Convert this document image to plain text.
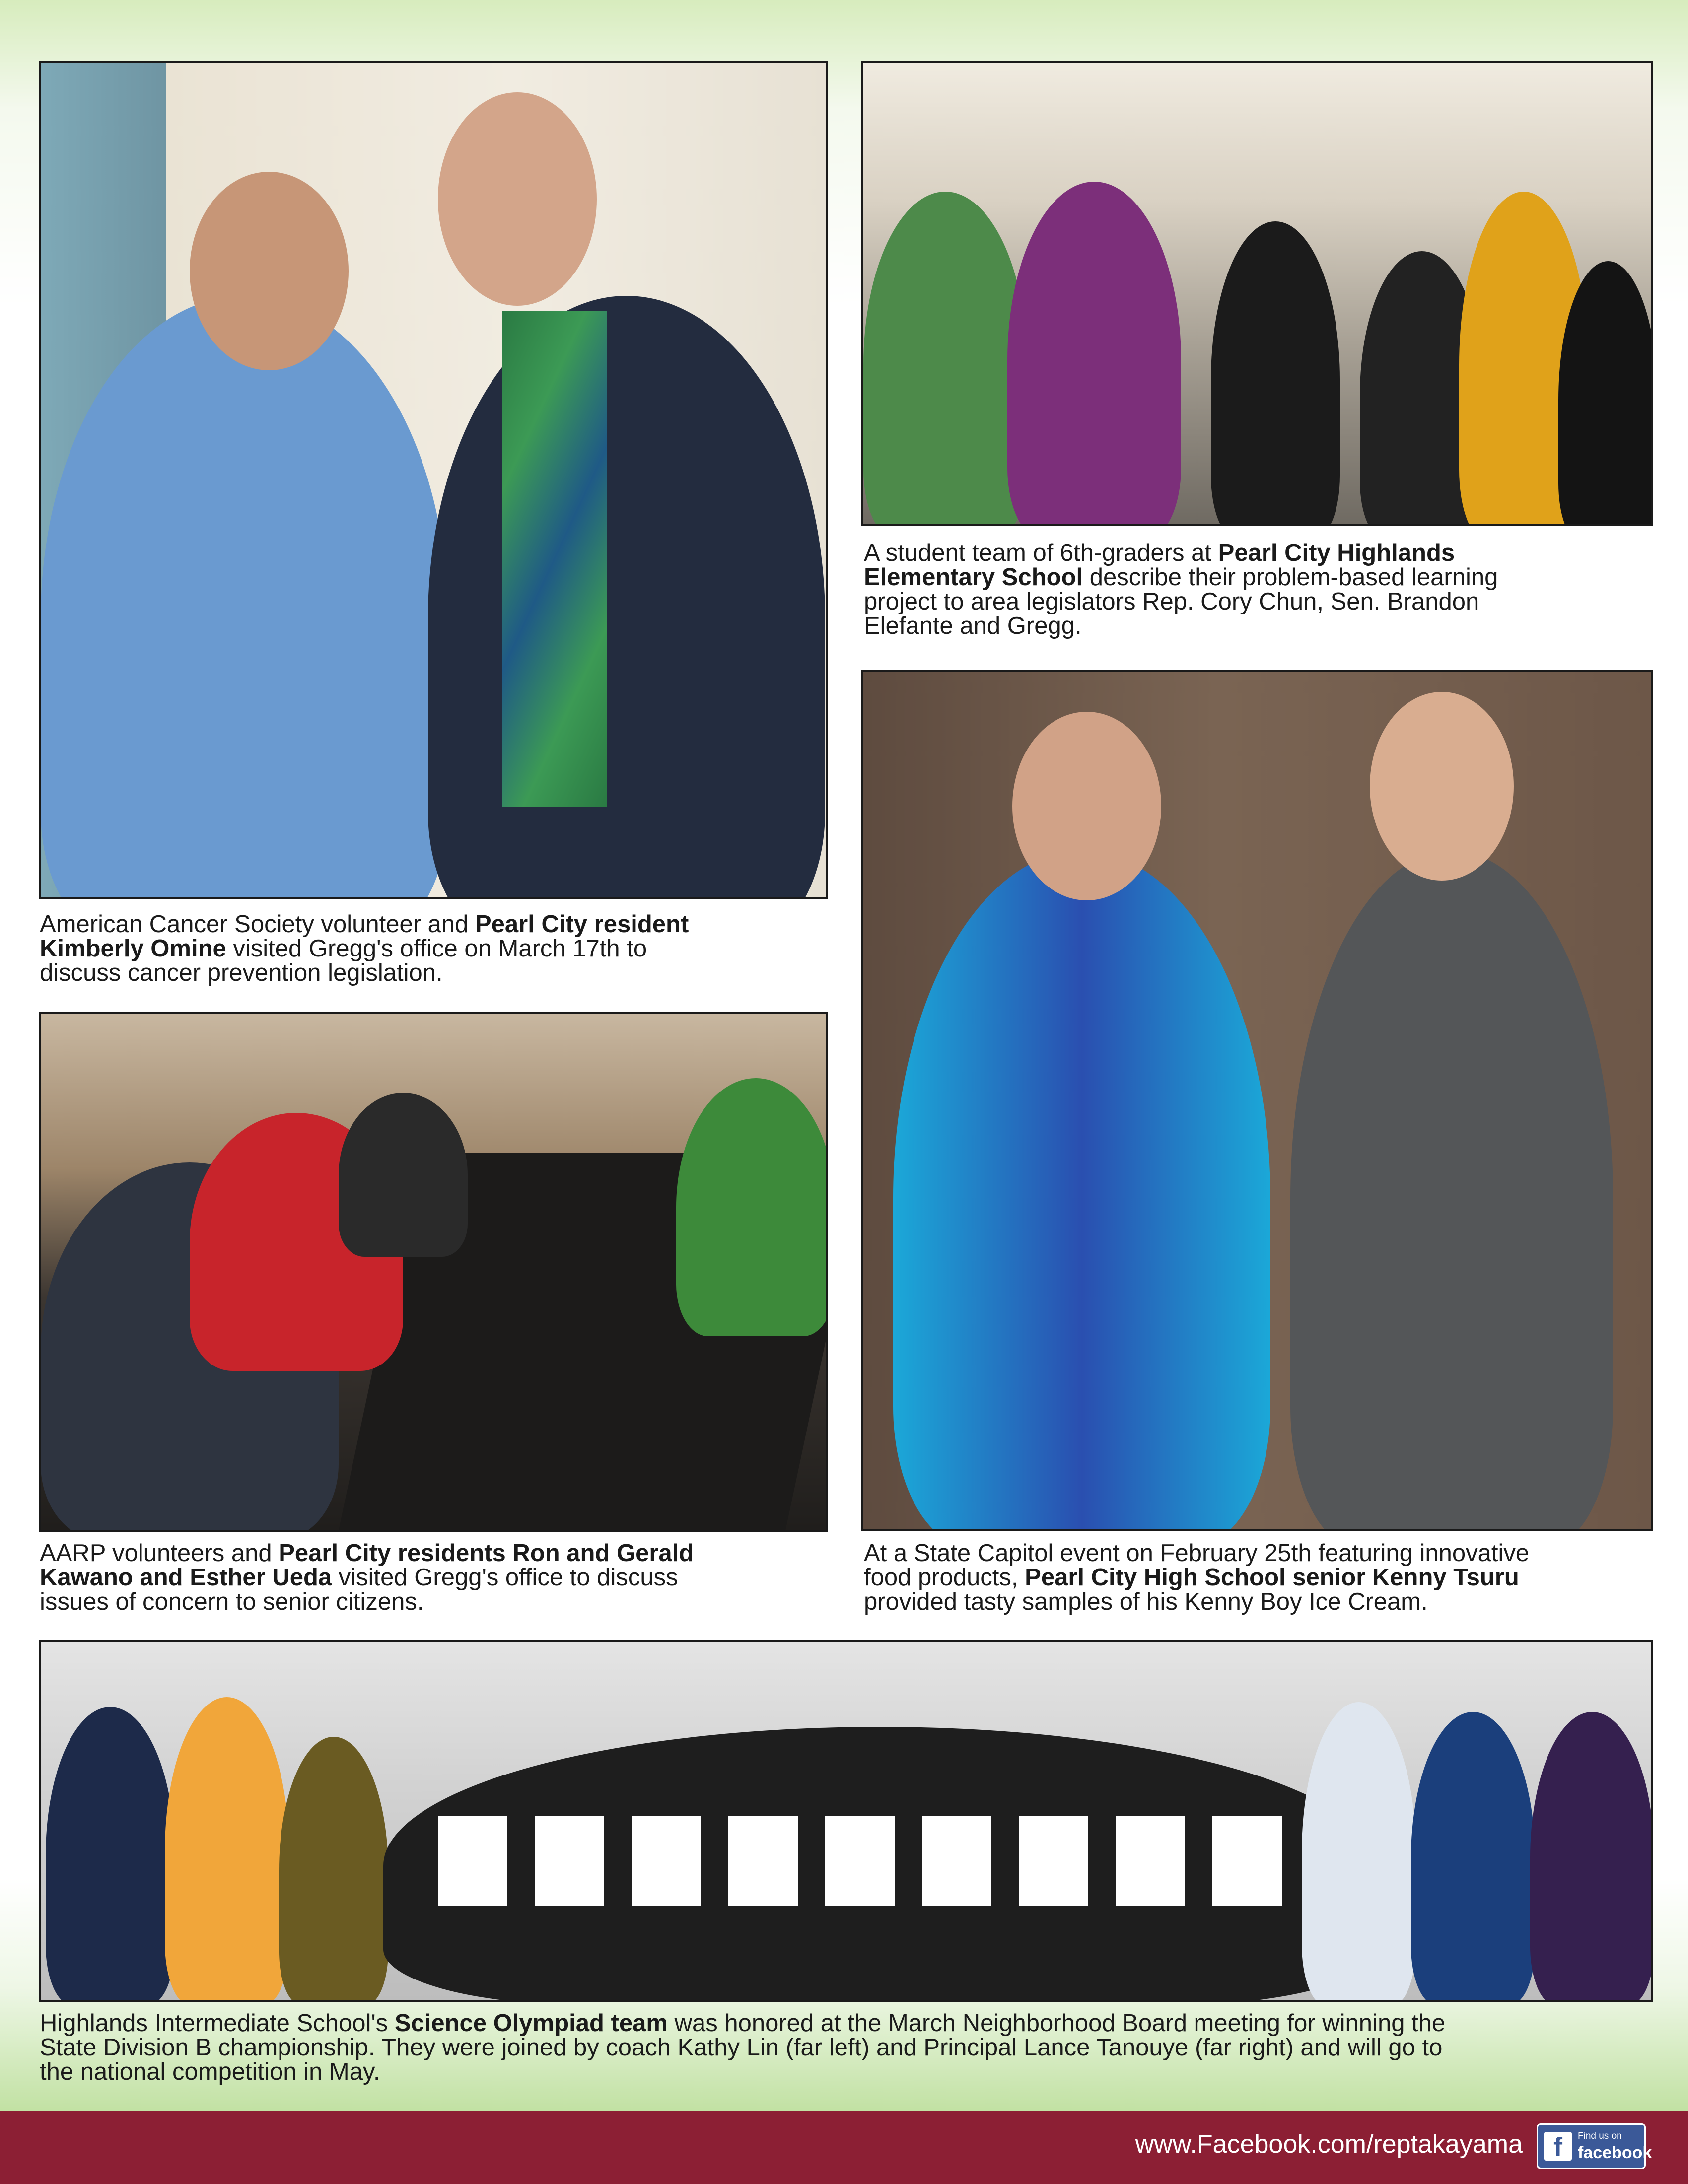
American Cancer Society volunteer and Pearl City resident
Kimberly Omine visited Gregg's office on March 17th to
discuss cancer prevention legislation.

A student team of 6th-graders at Pearl City Highlands
Elementary School describe their problem-based learning
project to area legislators Rep. Cory Chun, Sen. Brandon
Elefante and Gregg.

AARP volunteers and Pearl City residents Ron and Gerald
Kawano and Esther Ueda visited Gregg's office to discuss
issues of concern to senior citizens.

At a State Capitol event on February 25th featuring innovative
food products, Pearl City High School senior Kenny Tsuru
provided tasty samples of his Kenny Boy Ice Cream.

Highlands Intermediate School's Science Olympiad team was honored at the March Neighborhood Board meeting for winning the
State Division B championship. They were joined by coach Kathy Lin (far left) and Principal Lance Tanouye (far right) and will go to
the national competition in May.

www.Facebook.com/reptakayama	f	Find us on
facebook
